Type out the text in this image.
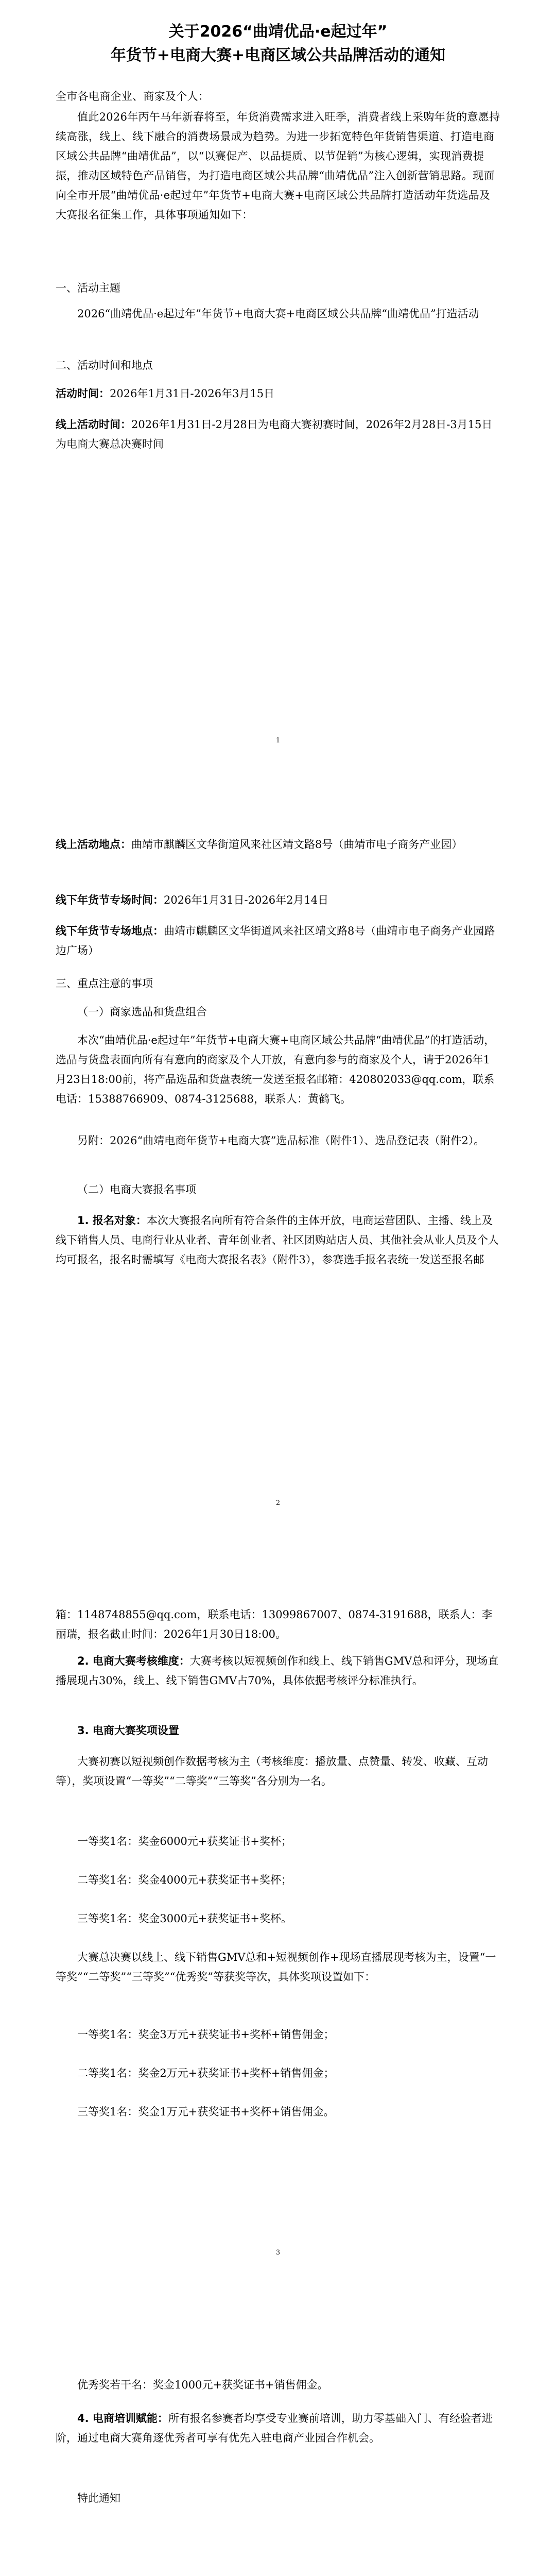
关于2026“曲靖优品·e起过年”
年货节+电商大赛+电商区域公共品牌活动的通知
全市各电商企业、商家及个人：
值此2026年丙午马年新春将至，年货消费需求进入旺季，消费者线上采购年货的意愿持续高涨，线上、线下融合的消费场景成为趋势。为进一步拓宽特色年货销售渠道、打造电商区域公共品牌“曲靖优品”，以“以赛促产、以品提质、以节促销”为核心逻辑，实现消费提振，推动区域特色产品销售，为打造电商区域公共品牌“曲靖优品”注入创新营销思路。现面向全市开展“曲靖优品·e起过年”年货节+电商大赛+电商区域公共品牌打造活动年货选品及大赛报名征集工作，具体事项通知如下：
一、活动主题
2026“曲靖优品·e起过年”年货节+电商大赛+电商区域公共品牌“曲靖优品”打造活动
二、活动时间和地点
活动时间：2026年1月31日-2026年3月15日
线上活动时间：2026年1月31日-2月28日为电商大赛初赛时间，2026年2月28日-3月15日为电商大赛总决赛时间
1
线上活动地点：曲靖市麒麟区文华街道风来社区靖文路8号（曲靖市电子商务产业园）
线下年货节专场时间：2026年1月31日-2026年2月14日
线下年货节专场地点：曲靖市麒麟区文华街道风来社区靖文路8号（曲靖市电子商务产业园路边广场）
三、重点注意的事项
（一）商家选品和货盘组合
本次“曲靖优品·e起过年”年货节+电商大赛+电商区域公共品牌“曲靖优品”的打造活动，选品与货盘表面向所有有意向的商家及个人开放，有意向参与的商家及个人，请于2026年1月23日18:00前，将产品选品和货盘表统一发送至报名邮箱：420802033@qq.com，联系电话：15388766909、0874-3125688，联系人：黄鹤飞。
另附：2026“曲靖电商年货节+电商大赛”选品标准（附件1）、选品登记表（附件2）。
（二）电商大赛报名事项
1. 报名对象：本次大赛报名向所有符合条件的主体开放，电商运营团队、主播、线上及线下销售人员、电商行业从业者、青年创业者、社区团购站店人员、其他社会从业人员及个人均可报名，报名时需填写《电商大赛报名表》（附件3），参赛选手报名表统一发送至报名邮
2
箱：1148748855@qq.com，联系电话：13099867007、0874-3191688，联系人：李丽瑞，报名截止时间：2026年1月30日18:00。
2. 电商大赛考核维度：大赛考核以短视频创作和线上、线下销售GMV总和评分，现场直播展现占30%，线上、线下销售GMV占70%，具体依据考核评分标准执行。
3. 电商大赛奖项设置
大赛初赛以短视频创作数据考核为主（考核维度：播放量、点赞量、转发、收藏、互动等），奖项设置“一等奖”“二等奖”“三等奖”各分别为一名。
一等奖1名：奖金6000元+获奖证书+奖杯；
二等奖1名：奖金4000元+获奖证书+奖杯；
三等奖1名：奖金3000元+获奖证书+奖杯。
大赛总决赛以线上、线下销售GMV总和+短视频创作+现场直播展现考核为主，设置“一等奖”“二等奖”“三等奖”“优秀奖”等获奖等次，具体奖项设置如下：
一等奖1名：奖金3万元+获奖证书+奖杯+销售佣金；
二等奖1名：奖金2万元+获奖证书+奖杯+销售佣金；
三等奖1名：奖金1万元+获奖证书+奖杯+销售佣金。
3
优秀奖若干名：奖金1000元+获奖证书+销售佣金。
4. 电商培训赋能：所有报名参赛者均享受专业赛前培训，助力零基础入门、有经验者进阶，通过电商大赛角逐优秀者可享有优先入驻电商产业园合作机会。
特此通知
